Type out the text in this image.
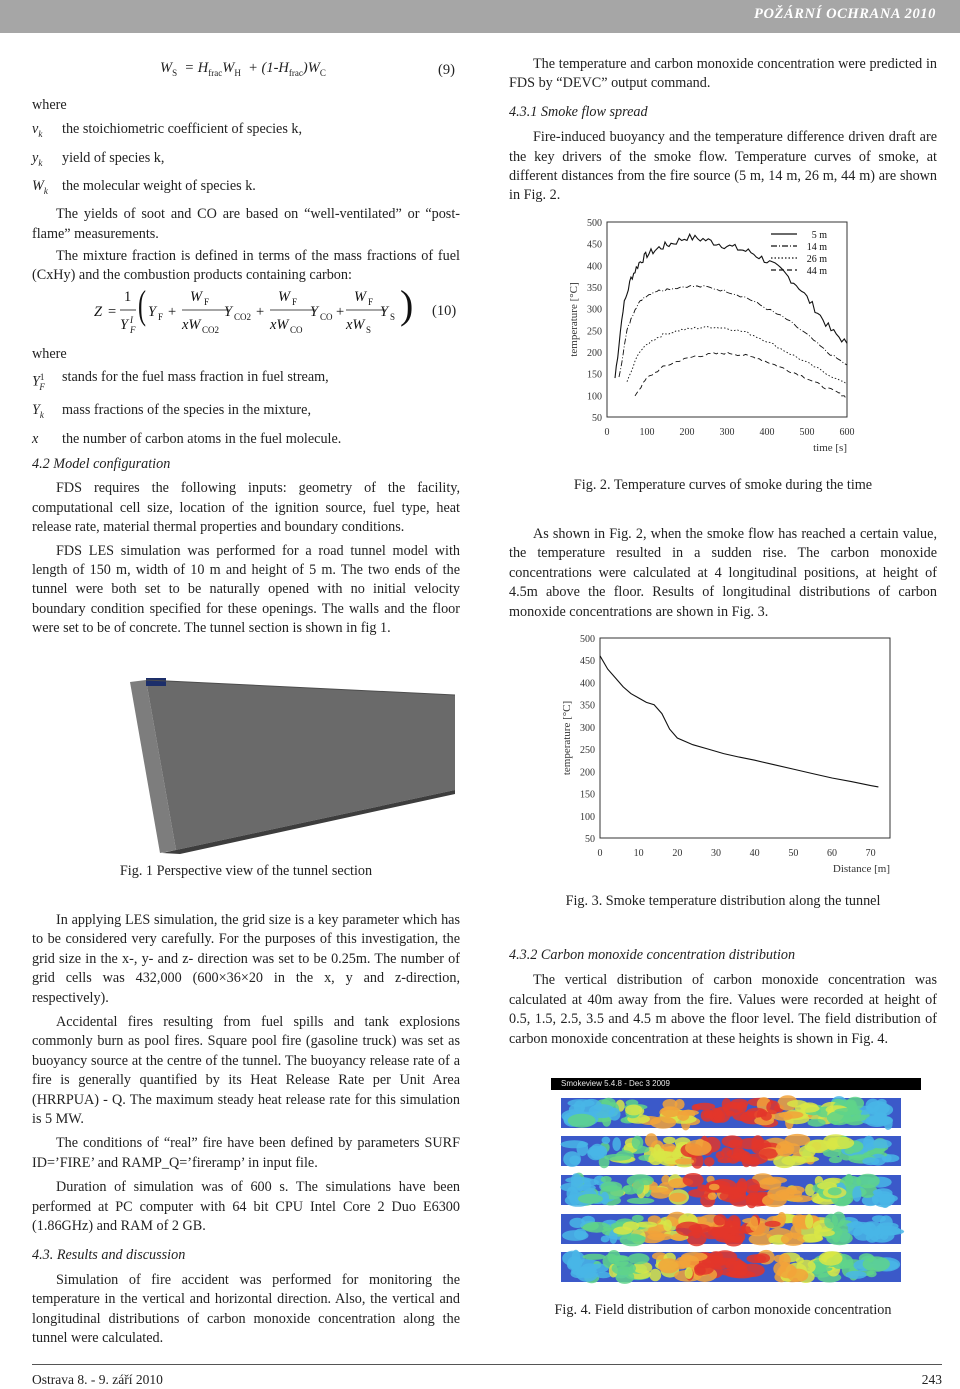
POŽÁRNÍ OCHRANA 2010
$W_S = H_{frac}W_H + (1-H_{frac})W_C$	(9)

where

$v_k$	the stoichiometric coefficient of species k,
$y_k$	yield of species k,
$W_k$ the molecular weight of species k.

The yields of soot and CO are based on “well-ventilated” or “post-flame” measurements.

The mixture fraction is defined in terms of the mass fractions of fuel (CxHy) and the combustion products containing carbon:

Z =
1
Y F
I ( Y F +
W F
xW CO2
Y CO2 +
W F
xW CO
Y CO +
W F
xW S
Y S ) (10)

where

$Y^1_F$
stands for the fuel mass fraction in fuel stream,
$Y_k$	mass fractions of the species in the mixture,
x	the number of carbon atoms in the fuel molecule.

4.2 Model configuration

FDS requires the following inputs: geometry of the facility, computational cell size, location of the ignition source, fuel type, heat release rate, material thermal properties and boundary conditions.

FDS LES simulation was performed for a road tunnel model with length of 150 m, width of 10 m and height of 5 m. The two ends of the tunnel were both set to be naturally opened with no initial velocity boundary condition specified for these openings. The walls and the floor were set to be of concrete. The tunnel section is shown in fig 1.

Fig. 1 Perspective view of the tunnel section

In applying LES simulation, the grid size is a key parameter which has to be considered very carefully. For the purposes of this investigation, the grid size in the x-, y- and z- direction was set to be 0.25m. The number of grid cells was 432,000 (600×36×20 in the x, y and z-direction, respectively).

Accidental fires resulting from fuel spills and tank explosions commonly burn as pool fires. Square pool fire (gasoline truck) was set as buoyancy source at the centre of the tunnel. The buoyancy release rate of a fire is generally quantified by its Heat Release Rate per Unit Area (HRRPUA) - Q. The maximum steady heat release rate for this simulation is 5 MW.

The conditions of “real” fire have been defined by parameters SURF ID=’FIRE’ and RAMP_Q=’fireramp’ in input file.

Duration of simulation was of 600 s. The simulations have been performed at PC computer with 64 bit CPU Intel Core 2 Duo E6300 (1.86GHz) and RAM of 2 GB.

4.3. Results and discussion

Simulation of fire accident was performed for monitoring the temperature in the vertical and horizontal direction. Also, the vertical and longitudinal distributions of carbon monoxide concentration along the tunnel were calculated.

The temperature and carbon monoxide concentration were predicted in FDS by “DEVC” output command.

4.3.1 Smoke flow spread

Fire-induced buoyancy and the temperature difference driven draft are the key drivers of the smoke flow. Temperature curves of smoke, at different distances from the fire source (5 m, 14 m, 26 m, 44 m) are shown in Fig. 2.

500
450
400
350
300
250
200
150
100
50
0	100	200	300	400	500	600
temperature [°C]
time [s]
5 m
14 m
26 m
44 m
Fig. 2. Temperature curves of smoke during the time

As shown in Fig. 2, when the smoke flow has reached a certain value, the temperature resulted in a sudden rise. The carbon monoxide concentrations were calculated at 4 longitudinal positions, at height of 4.5m above the floor. Results of longitudinal distributions of carbon monoxide concentrations are shown in Fig. 3.

500
450
400
350
300
250
200
150
100
50
0	10	20	30	40	50	60	70
temperature [°C]
Distance [m]
Fig. 3. Smoke temperature distribution along the tunnel

4.3.2 Carbon monoxide concentration distribution

The vertical distribution of carbon monoxide concentration was calculated at 40m away from the fire. Values were recorded at height of 0.5, 1.5, 2.5, 3.5 and 4.5 m above the floor level. The field distribution of carbon monoxide concentration at these heights is shown in Fig. 4.

Smokeview 5.4.8 - Dec 3 2009
Fig. 4. Field distribution of carbon monoxide concentration
Ostrava 8. - 9. září 2010	243
